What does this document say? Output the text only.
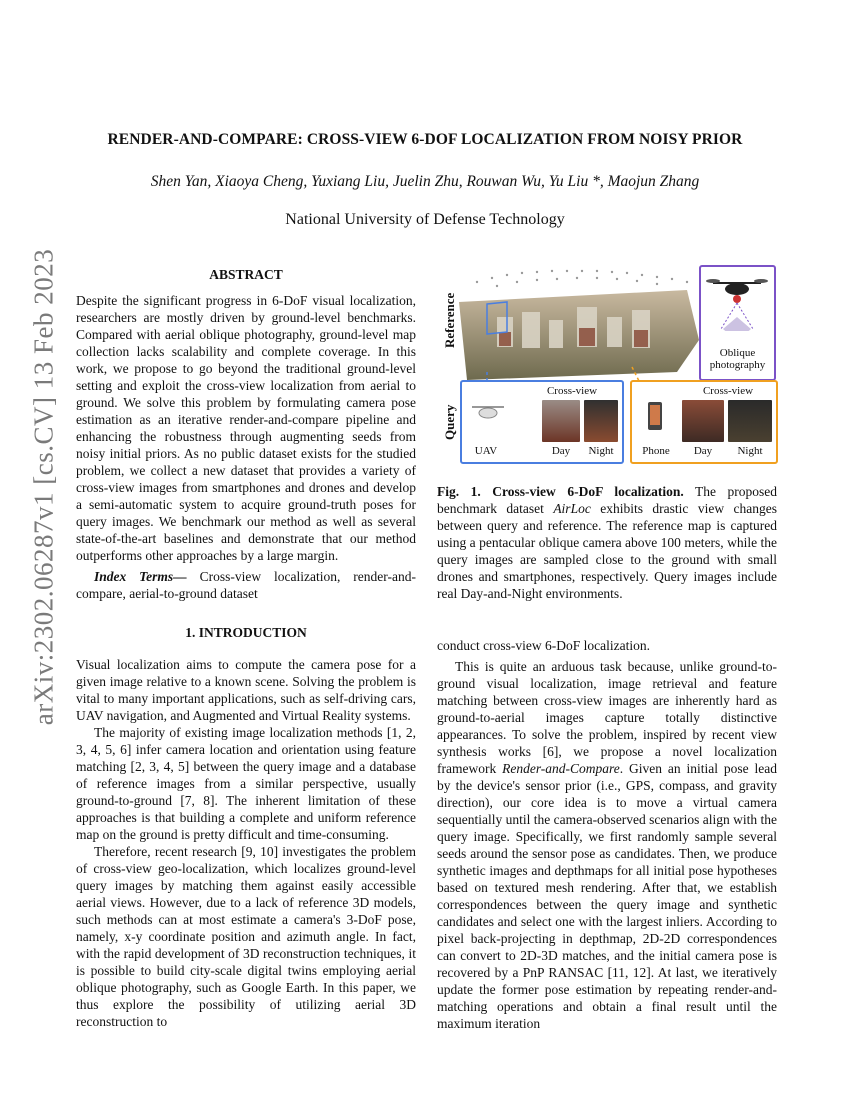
arXiv:2302.06287v1 [cs.CV] 13 Feb 2023
RENDER-AND-COMPARE: CROSS-VIEW 6-DOF LOCALIZATION FROM NOISY PRIOR
Shen Yan, Xiaoya Cheng, Yuxiang Liu, Juelin Zhu, Rouwan Wu, Yu Liu *, Maojun Zhang
National University of Defense Technology
ABSTRACT

Despite the significant progress in 6-DoF visual localization, researchers are mostly driven by ground-level benchmarks. Compared with aerial oblique photography, ground-level map collection lacks scalability and complete coverage. In this work, we propose to go beyond the traditional ground-level setting and exploit the cross-view localization from aerial to ground. We solve this problem by formulating camera pose estimation as an iterative render-and-compare pipeline and enhancing the robustness through augmenting seeds from noisy initial priors. As no public dataset exists for the studied problem, we collect a new dataset that provides a variety of cross-view images from smartphones and drones and develop a semi-automatic system to acquire ground-truth poses for query images. We benchmark our method as well as several state-of-the-art baselines and demonstrate that our method outperforms other approaches by a large margin.

Index Terms— Cross-view localization, render-and-compare, aerial-to-ground dataset

1. INTRODUCTION

Visual localization aims to compute the camera pose for a given image relative to a known scene. Solving the problem is vital to many important applications, such as self-driving cars, UAV navigation, and Augmented and Virtual Reality systems.

The majority of existing image localization methods [1, 2, 3, 4, 5, 6] infer camera location and orientation using feature matching [2, 3, 4, 5] between the query image and a database of reference images from a similar perspective, usually ground-to-ground [7, 8]. The inherent limitation of these approaches is that building a complete and uniform reference map on the ground is pretty difficult and time-consuming.

Therefore, recent research [9, 10] investigates the problem of cross-view geo-localization, which localizes ground-level query images by matching them against easily accessible aerial views. However, due to a lack of reference 3D models, such methods can at most estimate a camera's 3-DoF pose, namely, x-y coordinate position and azimuth angle. In fact, with the rapid development of 3D reconstruction techniques, it is possible to build city-scale digital twins employing aerial oblique photography, such as Google Earth. In this paper, we thus explore the possibility of utilizing aerial 3D reconstruction to

Reference
Query
Oblique photography
Cross-view
UAV	Day	Night
Cross-view
Phone	Day	Night

Fig. 1. Cross-view 6-DoF localization. The proposed benchmark dataset AirLoc exhibits drastic view changes between query and reference. The reference map is captured using a pentacular oblique camera above 100 meters, while the query images are sampled close to the ground with small drones and smartphones, respectively. Query images include real Day-and-Night environments.

conduct cross-view 6-DoF localization.

This is quite an arduous task because, unlike ground-to-ground visual localization, image retrieval and feature matching between cross-view images are inherently hard as ground-to-aerial images capture totally distinctive appearances. To solve the problem, inspired by recent view synthesis works [6], we propose a novel localization framework Render-and-Compare. Given an initial pose lead by the device's sensor prior (i.e., GPS, compass, and gravity direction), our core idea is to move a virtual camera sequentially until the camera-observed scenarios align with the query image. Specifically, we first randomly sample several seeds around the sensor pose as candidates. Then, we produce synthetic images and depthmaps for all initial pose hypotheses based on textured mesh rendering. After that, we establish correspondences between the query image and synthetic candidates and select one with the largest inliers. According to pixel back-projecting in depthmap, 2D-2D correspondences can convert to 2D-3D matches, and the initial camera pose is recovered by a PnP RANSAC [11, 12]. At last, we iteratively update the former pose estimation by repeating render-and-matching operations and obtain a final result until the maximum iteration
